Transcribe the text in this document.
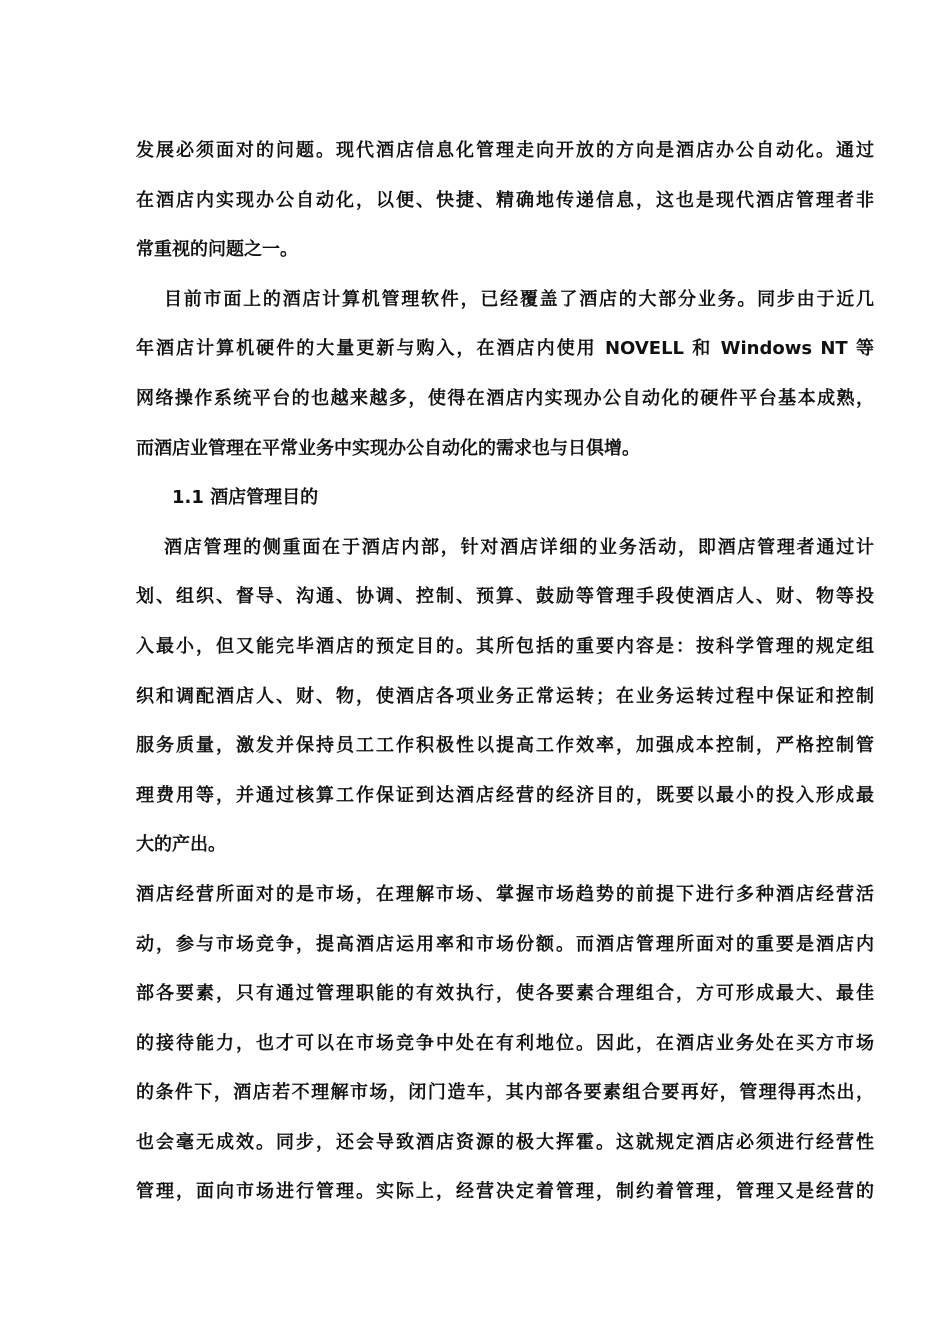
发展必须面对的问题。现代酒店信息化管理走向开放的方向是酒店办公自动化。通过
在酒店内实现办公自动化，以便、快捷、精确地传递信息，这也是现代酒店管理者非
常重视的问题之一。
目前市面上的酒店计算机管理软件，已经覆盖了酒店的大部分业务。同步由于近几
年酒店计算机硬件的大量更新与购入，在酒店内使用 NOVELL 和 Windows NT 等
网络操作系统平台的也越来越多，使得在酒店内实现办公自动化的硬件平台基本成熟，
而酒店业管理在平常业务中实现办公自动化的需求也与日俱增。
1.1 酒店管理目的
酒店管理的侧重面在于酒店内部，针对酒店详细的业务活动，即酒店管理者通过计
划、组织、督导、沟通、协调、控制、预算、鼓励等管理手段使酒店人、财、物等投
入最小，但又能完毕酒店的预定目的。其所包括的重要内容是：按科学管理的规定组
织和调配酒店人、财、物，使酒店各项业务正常运转；在业务运转过程中保证和控制
服务质量，激发并保持员工工作积极性以提高工作效率，加强成本控制，严格控制管
理费用等，并通过核算工作保证到达酒店经营的经济目的，既要以最小的投入形成最
大的产出。
酒店经营所面对的是市场，在理解市场、掌握市场趋势的前提下进行多种酒店经营活
动，参与市场竞争，提高酒店运用率和市场份额。而酒店管理所面对的重要是酒店内
部各要素，只有通过管理职能的有效执行，使各要素合理组合，方可形成最大、最佳
的接待能力，也才可以在市场竞争中处在有利地位。因此，在酒店业务处在买方市场
的条件下，酒店若不理解市场，闭门造车，其内部各要素组合要再好，管理得再杰出，
也会毫无成效。同步，还会导致酒店资源的极大挥霍。这就规定酒店必须进行经营性
管理，面向市场进行管理。实际上，经营决定着管理，制约着管理，管理又是经营的
